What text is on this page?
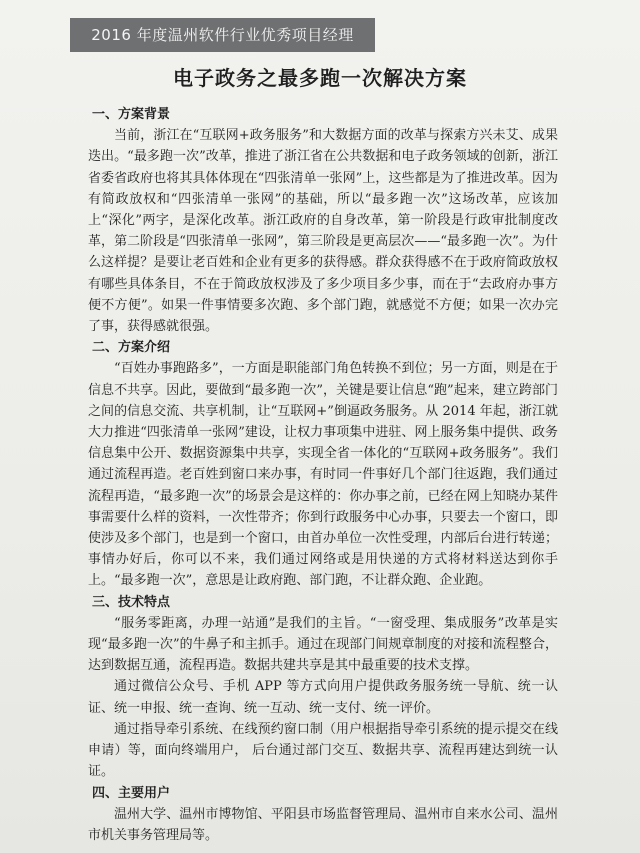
2016 年度温州软件行业优秀项目经理
电子政务之最多跑一次解决方案
一、方案背景

当前，浙江在“互联网+政务服务”和大数据方面的改革与探索方兴未艾、成果迭出。“最多跑一次”改革，推进了浙江省在公共数据和电子政务领域的创新，浙江省委省政府也将其具体体现在“四张清单一张网”上，这些都是为了推进改革。因为有简政放权和“四张清单一张网”的基础，所以“最多跑一次”这场改革，应该加上“深化”两字，是深化改革。浙江政府的自身改革，第一阶段是行政审批制度改革，第二阶段是“四张清单一张网”，第三阶段是更高层次——“最多跑一次”。为什么这样提？是要让老百姓和企业有更多的获得感。群众获得感不在于政府简政放权有哪些具体条目，不在于简政放权涉及了多少项目多少事，而在于“去政府办事方便不方便”。如果一件事情要多次跑、多个部门跑，就感觉不方便；如果一次办完了事，获得感就很强。

二、方案介绍

“百姓办事跑路多”，一方面是职能部门角色转换不到位；另一方面，则是在于信息不共享。因此，要做到“最多跑一次”，关键是要让信息“跑”起来，建立跨部门之间的信息交流、共享机制，让“互联网+”倒逼政务服务。从 2014 年起，浙江就大力推进“四张清单一张网”建设，让权力事项集中进驻、网上服务集中提供、政务信息集中公开、数据资源集中共享，实现全省一体化的“互联网+政务服务”。我们通过流程再造。老百姓到窗口来办事，有时同一件事好几个部门往返跑，我们通过流程再造，“最多跑一次”的场景会是这样的：你办事之前，已经在网上知晓办某件事需要什么样的资料，一次性带齐；你到行政服务中心办事，只要去一个窗口，即使涉及多个部门，也是到一个窗口，由首办单位一次性受理，内部后台进行转递；事情办好后，你可以不来，我们通过网络或是用快递的方式将材料送达到你手上。“最多跑一次”，意思是让政府跑、部门跑，不让群众跑、企业跑。

三、技术特点

“服务零距离，办理一站通”是我们的主旨。“一窗受理、集成服务”改革是实现“最多跑一次”的牛鼻子和主抓手。通过在现部门间规章制度的对接和流程整合，达到数据互通，流程再造。数据共建共享是其中最重要的技术支撑。

通过微信公众号、手机 APP 等方式向用户提供政务服务统一导航、统一认证、统一申报、统一查询、统一互动、统一支付、统一评价。

通过指导牵引系统、在线预约窗口制（用户根据指导牵引系统的提示提交在线申请）等，面向终端用户， 后台通过部门交互、数据共享、流程再建达到统一认证。

四、主要用户

温州大学、温州市博物馆、平阳县市场监督管理局、温州市自来水公司、温州市机关事务管理局等。
